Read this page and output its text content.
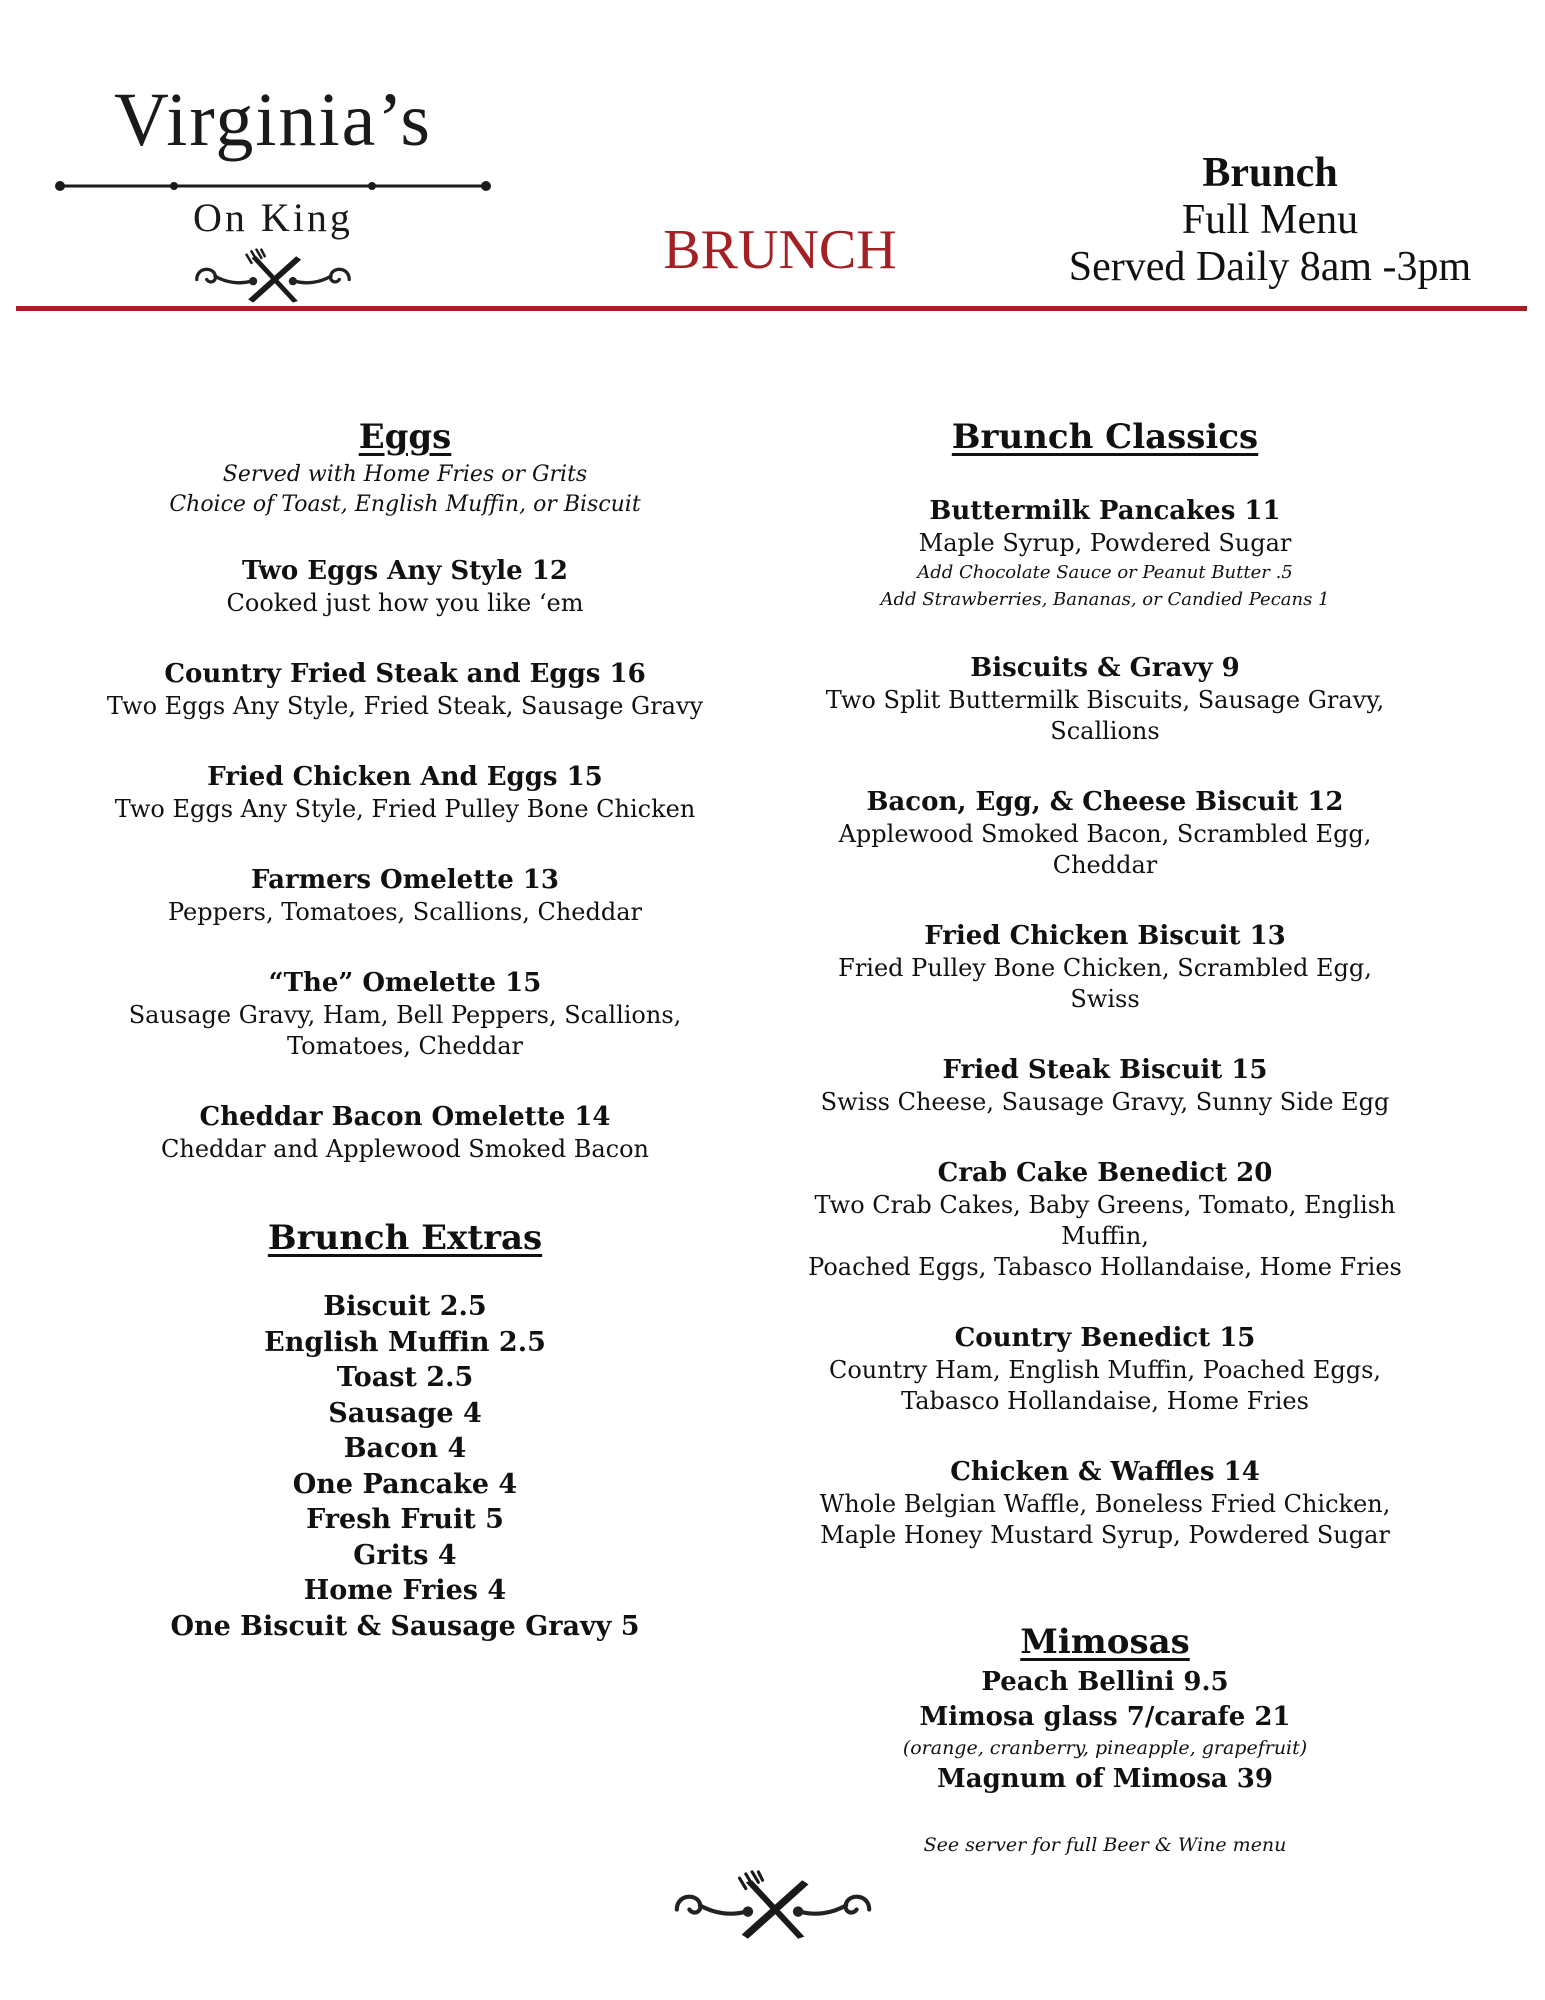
Virginia’s
On King
BRUNCH
Brunch
Full Menu
Served Daily 8am -3pm
Eggs
Served with Home Fries or Grits
Choice of Toast, English Muffin, or Biscuit
Two Eggs Any Style 12
Cooked just how you like ‘em
Country Fried Steak and Eggs 16
Two Eggs Any Style, Fried Steak, Sausage Gravy
Fried Chicken And Eggs 15
Two Eggs Any Style, Fried Pulley Bone Chicken
Farmers Omelette 13
Peppers, Tomatoes, Scallions, Cheddar
“The” Omelette 15
Sausage Gravy, Ham, Bell Peppers, Scallions,
Tomatoes, Cheddar
Cheddar Bacon Omelette 14
Cheddar and Applewood Smoked Bacon
Brunch Extras
Biscuit 2.5
English Muffin 2.5
Toast 2.5
Sausage 4
Bacon 4
One Pancake 4
Fresh Fruit 5
Grits 4
Home Fries 4
One Biscuit & Sausage Gravy 5
Brunch Classics
Buttermilk Pancakes 11
Maple Syrup, Powdered Sugar
Add Chocolate Sauce or Peanut Butter .5
Add Strawberries, Bananas, or Candied Pecans 1
Biscuits & Gravy 9
Two Split Buttermilk Biscuits, Sausage Gravy,
Scallions
Bacon, Egg, & Cheese Biscuit 12
Applewood Smoked Bacon, Scrambled Egg,
Cheddar
Fried Chicken Biscuit 13
Fried Pulley Bone Chicken, Scrambled Egg,
Swiss
Fried Steak Biscuit 15
Swiss Cheese, Sausage Gravy, Sunny Side Egg
Crab Cake Benedict 20
Two Crab Cakes, Baby Greens, Tomato, English
Muffin,
Poached Eggs, Tabasco Hollandaise, Home Fries
Country Benedict 15
Country Ham, English Muffin, Poached Eggs,
Tabasco Hollandaise, Home Fries
Chicken & Waffles 14
Whole Belgian Waffle, Boneless Fried Chicken,
Maple Honey Mustard Syrup, Powdered Sugar
Mimosas
Peach Bellini 9.5
Mimosa glass 7/carafe 21
(orange, cranberry, pineapple, grapefruit)
Magnum of Mimosa 39
See server for full Beer & Wine menu
